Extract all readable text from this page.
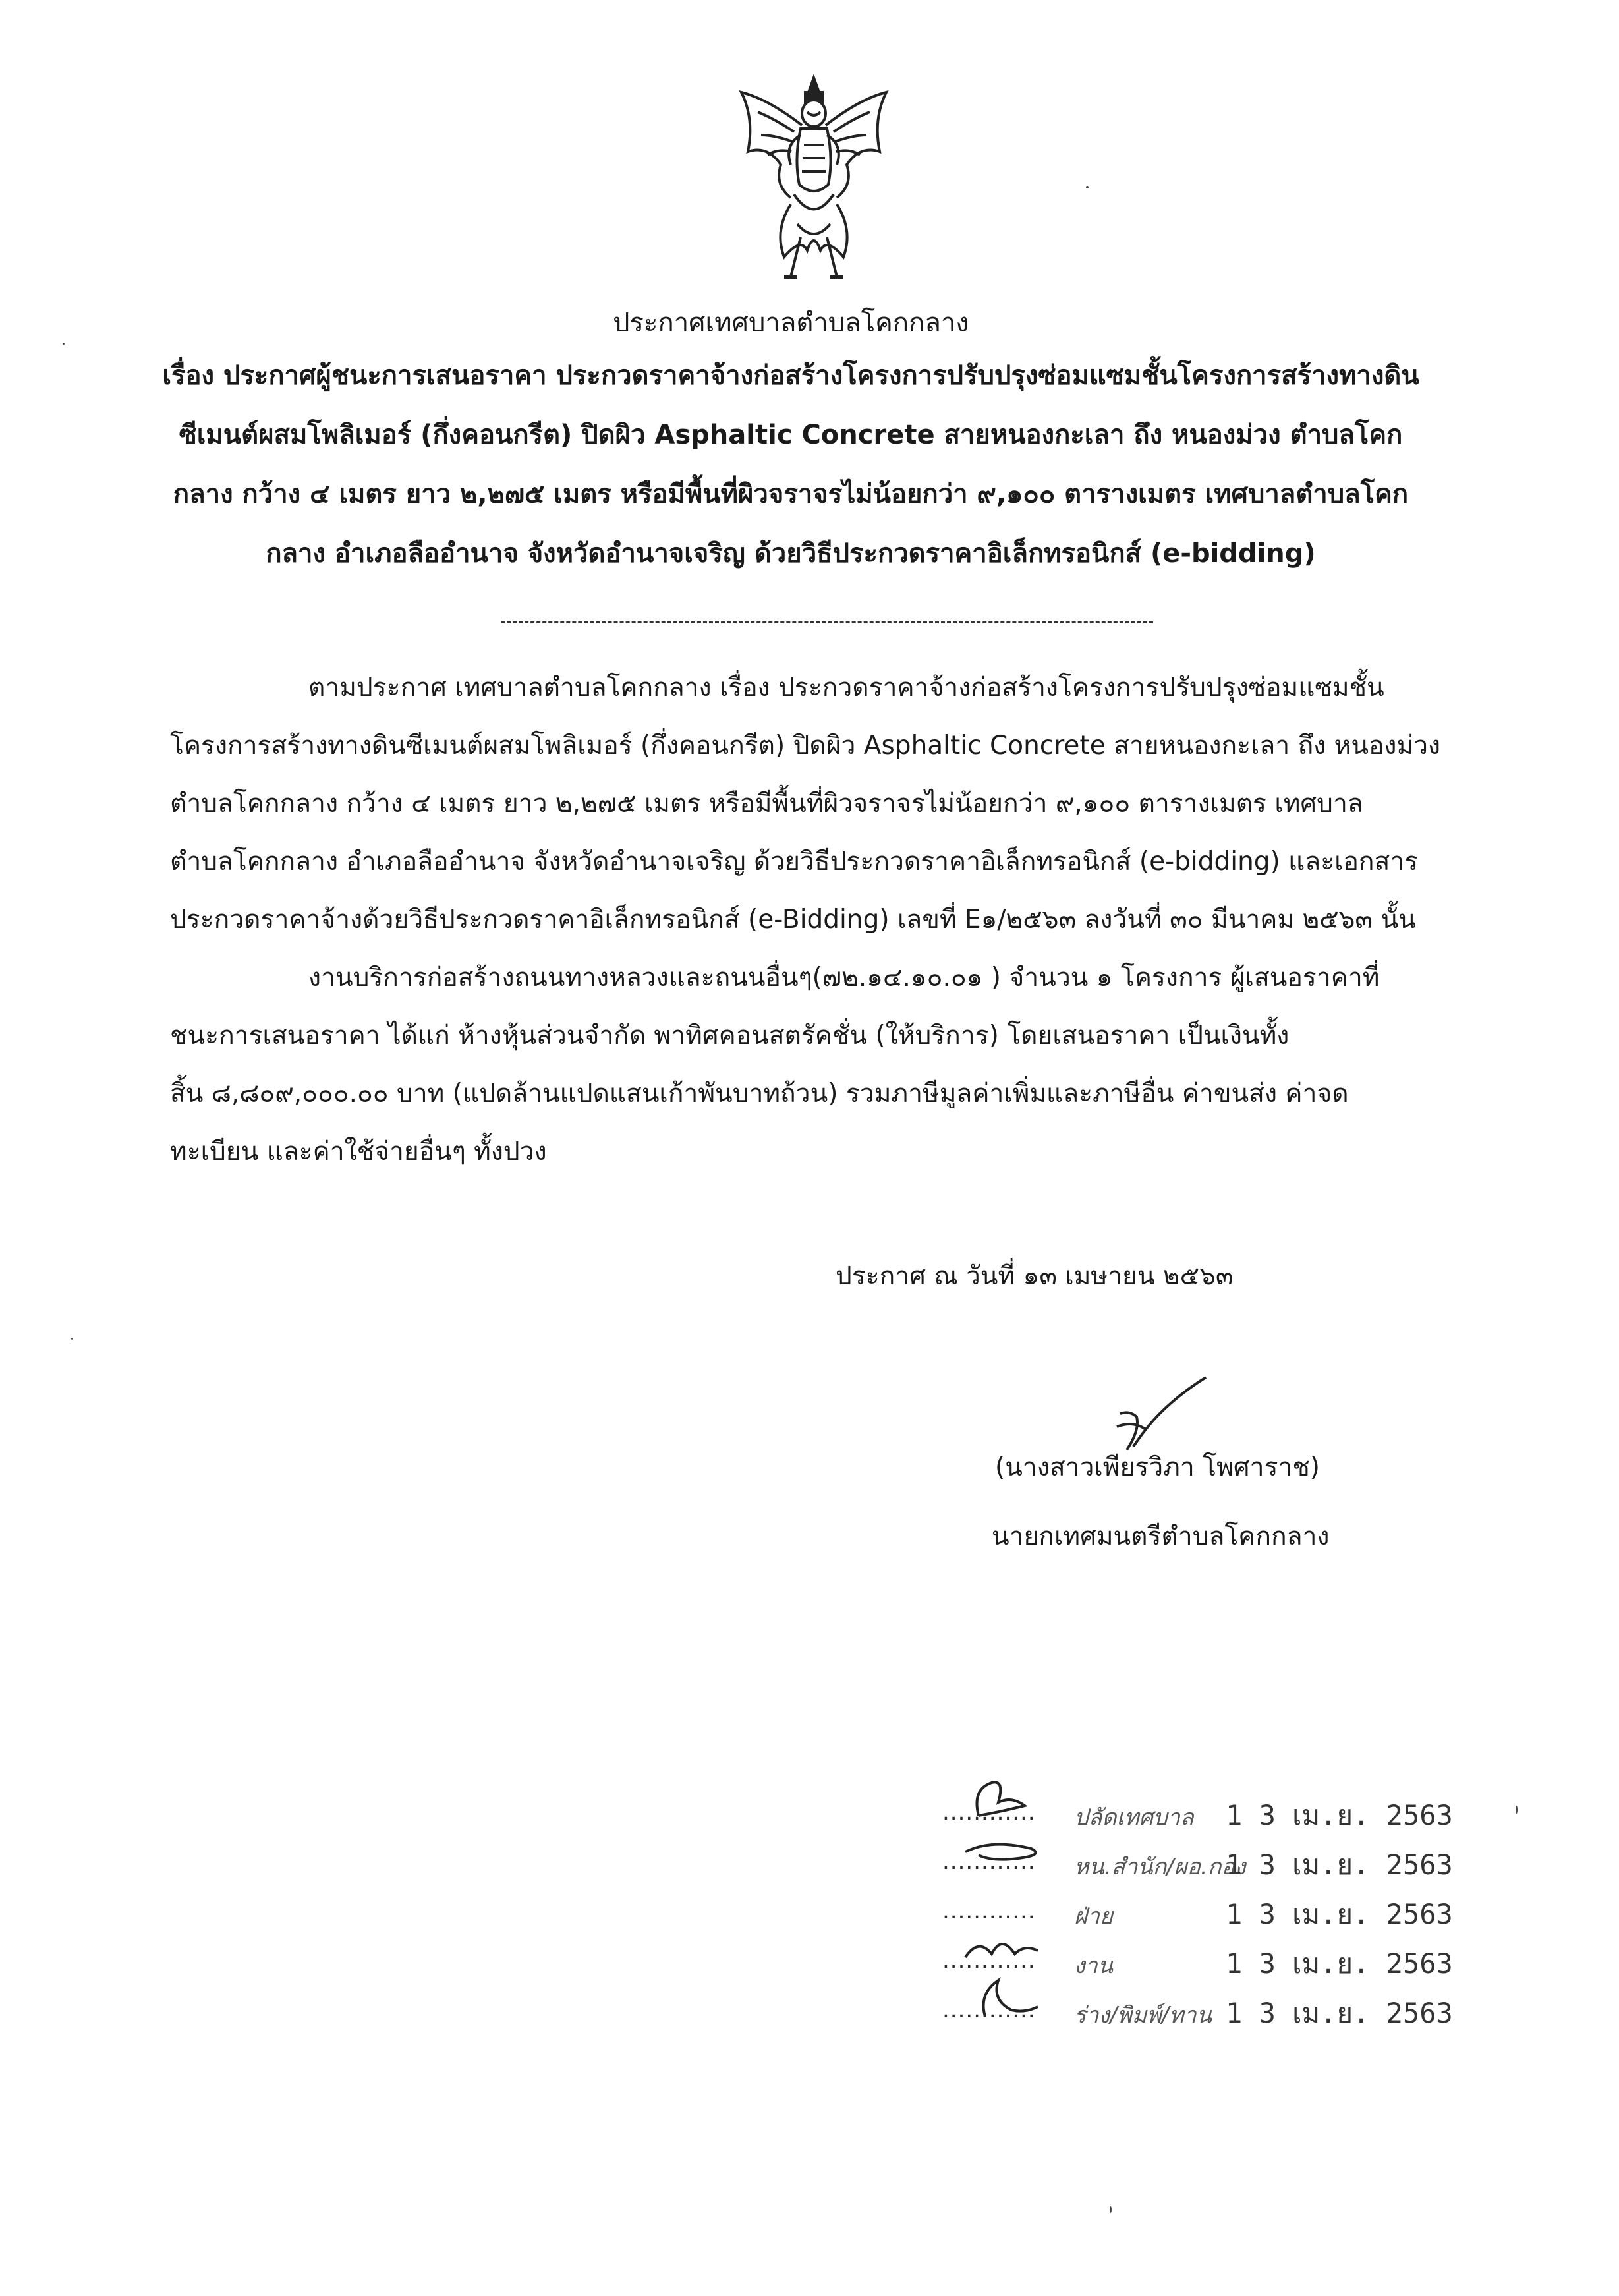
ประกาศเทศบาลตำบลโคกกลาง

เรื่อง ประกาศผู้ชนะการเสนอราคา ประกวดราคาจ้างก่อสร้างโครงการปรับปรุงซ่อมแซมชั้นโครงการสร้างทางดิน
ซีเมนต์ผสมโพลิเมอร์ (กึ่งคอนกรีต) ปิดผิว Asphaltic Concrete สายหนองกะเลา ถึง หนองม่วง ตำบลโคก
กลาง กว้าง ๔ เมตร ยาว ๒,๒๗๕ เมตร หรือมีพื้นที่ผิวจราจรไม่น้อยกว่า ๙,๑๐๐ ตารางเมตร เทศบาลตำบลโคก
กลาง อำเภอลืออำนาจ จังหวัดอำนาจเจริญ ด้วยวิธีประกวดราคาอิเล็กทรอนิกส์ (e-bidding)
ตามประกาศ เทศบาลตำบลโคกกลาง เรื่อง ประกวดราคาจ้างก่อสร้างโครงการปรับปรุงซ่อมแซมชั้น
โครงการสร้างทางดินซีเมนต์ผสมโพลิเมอร์ (กึ่งคอนกรีต) ปิดผิว Asphaltic Concrete สายหนองกะเลา ถึง หนองม่วง
ตำบลโคกกลาง กว้าง ๔ เมตร ยาว ๒,๒๗๕ เมตร หรือมีพื้นที่ผิวจราจรไม่น้อยกว่า ๙,๑๐๐ ตารางเมตร เทศบาล
ตำบลโคกกลาง อำเภอลืออำนาจ จังหวัดอำนาจเจริญ ด้วยวิธีประกวดราคาอิเล็กทรอนิกส์ (e-bidding) และเอกสาร
ประกวดราคาจ้างด้วยวิธีประกวดราคาอิเล็กทรอนิกส์ (e-Bidding) เลขที่ E๑/๒๕๖๓ ลงวันที่ ๓๐ มีนาคม ๒๕๖๓ นั้น
งานบริการก่อสร้างถนนทางหลวงและถนนอื่นๆ(๗๒.๑๔.๑๐.๐๑ ) จำนวน ๑ โครงการ ผู้เสนอราคาที่
ชนะการเสนอราคา ได้แก่ ห้างหุ้นส่วนจำกัด พาทิศคอนสตรัคชั่น (ให้บริการ) โดยเสนอราคา เป็นเงินทั้ง
สิ้น ๘,๘๐๙,๐๐๐.๐๐ บาท (แปดล้านแปดแสนเก้าพันบาทถ้วน) รวมภาษีมูลค่าเพิ่มและภาษีอื่น ค่าขนส่ง ค่าจด
ทะเบียน และค่าใช้จ่ายอื่นๆ ทั้งปวง
ประกาศ ณ วันที่ ๑๓ เมษายน ๒๕๖๓
(นางสาวเพียรวิภา โพศาราช)
นายกเทศมนตรีตำบลโคกกลาง
............ ปลัดเทศบาล 1 3 เม.ย. 2563
............ หน.สำนัก/ผอ.กอง
1 3 เม.ย. 2563
............ ฝ่าย	1 3 เม.ย. 2563
............ งาน	1 3 เม.ย. 2563
............ ร่าง/พิมพ์/ทาน 1 3 เม.ย. 2563
